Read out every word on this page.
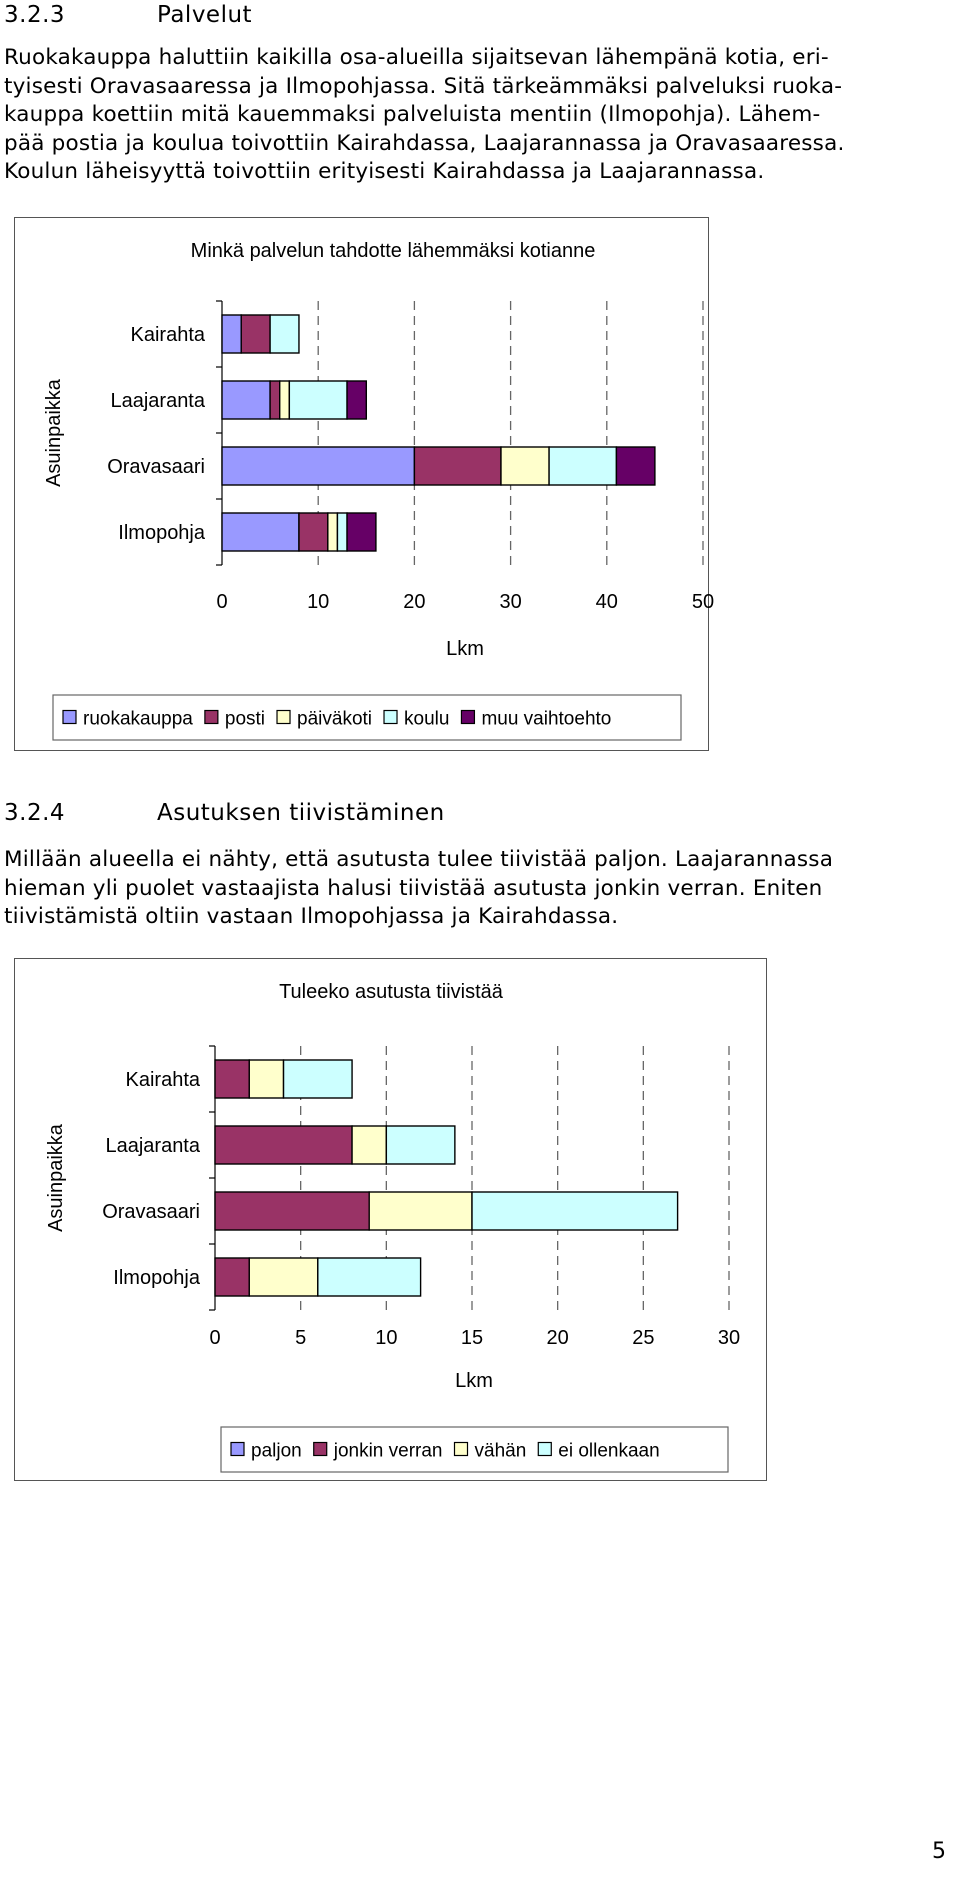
3.2.3	Palvelut

Ruokakauppa haluttiin kaikilla osa-alueilla sijaitsevan lähempänä kotia, eri-
tyisesti Oravasaaressa ja Ilmopohjassa. Sitä tärkeämmäksi palveluksi ruoka-
kauppa koettiin mitä kauemmaksi palveluista mentiin (Ilmopohja). Lähem-
pää postia ja koulua toivottiin Kairahdassa, Laajarannassa ja Oravasaaressa.
Koulun läheisyyttä toivottiin erityisesti Kairahdassa ja Laajarannassa.

Minkä palvelun tahdotte lähemmäksi kotianne
Kairahta
Laajaranta
Oravasaari
Ilmopohja
0	10	20	30	40	50
Lkm
Asuinpaikka
ruokakauppa posti päiväkoti koulu muu vaihtoehto
3.2.4	Asutuksen tiivistäminen

Millään alueella ei nähty, että asutusta tulee tiivistää paljon. Laajarannassa
hieman yli puolet vastaajista halusi tiivistää asutusta jonkin verran. Eniten
tiivistämistä oltiin vastaan Ilmopohjassa ja Kairahdassa.

Tuleeko asutusta tiivistää
Kairahta
Laajaranta
Oravasaari
Ilmopohja
0	5	10	15	20	25	30
Lkm
Asuinpaikka
paljon jonkin verran vähän ei ollenkaan
5
